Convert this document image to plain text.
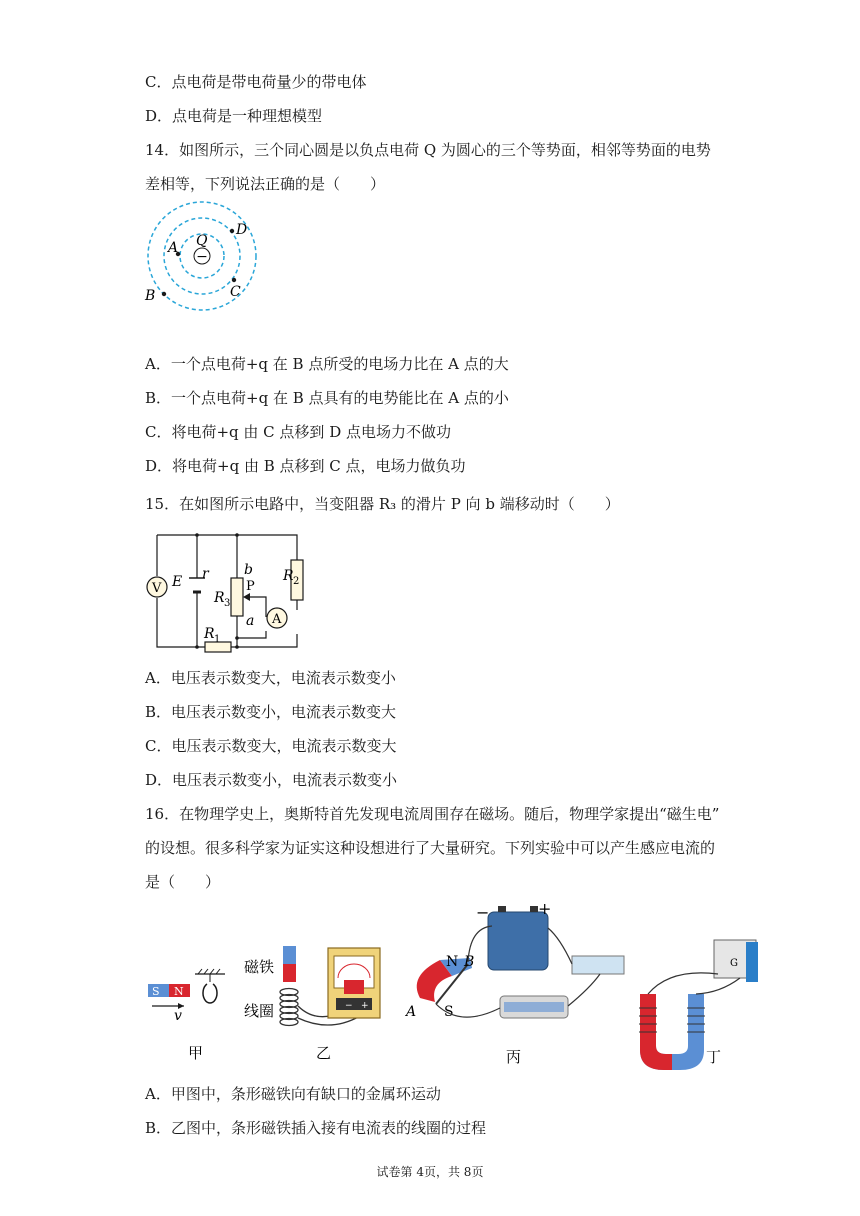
C．点电荷是带电荷量少的带电体
D．点电荷是一种理想模型
14．如图所示，三个同心圆是以负点电荷 Q 为圆心的三个等势面，相邻等势面的电势
差相等，下列说法正确的是（　　）
−
Q
A
D
C
B
A．一个点电荷+q 在 B 点所受的电场力比在 A 点的大
B．一个点电荷+q 在 B 点具有的电势能比在 A 点的小
C．将电荷+q 由 C 点移到 D 点电场力不做功
D．将电荷+q 由 B 点移到 C 点，电场力做负功
15．在如图所示电路中，当变阻器 R₃ 的滑片 P 向 b 端移动时（　　）
V
A
E r	b
P
R 3
a
R 2
R 1
A．电压表示数变大，电流表示数变小
B．电压表示数变小，电流表示数变大
C．电压表示数变大，电流表示数变大
D．电压表示数变小，电流表示数变小
16．在物理学史上，奥斯特首先发现电流周围存在磁场。随后，物理学家提出“磁生电”
的设想。很多科学家为证实这种设想进行了大量研究。下列实验中可以产生感应电流的
是（　　）
S N
v
磁铁
线圈	− +
−	+
N B
A S
G
甲	乙	丙	丁
A．甲图中，条形磁铁向有缺口的金属环运动
B．乙图中，条形磁铁插入接有电流表的线圈的过程
试卷第 4页，共 8页
